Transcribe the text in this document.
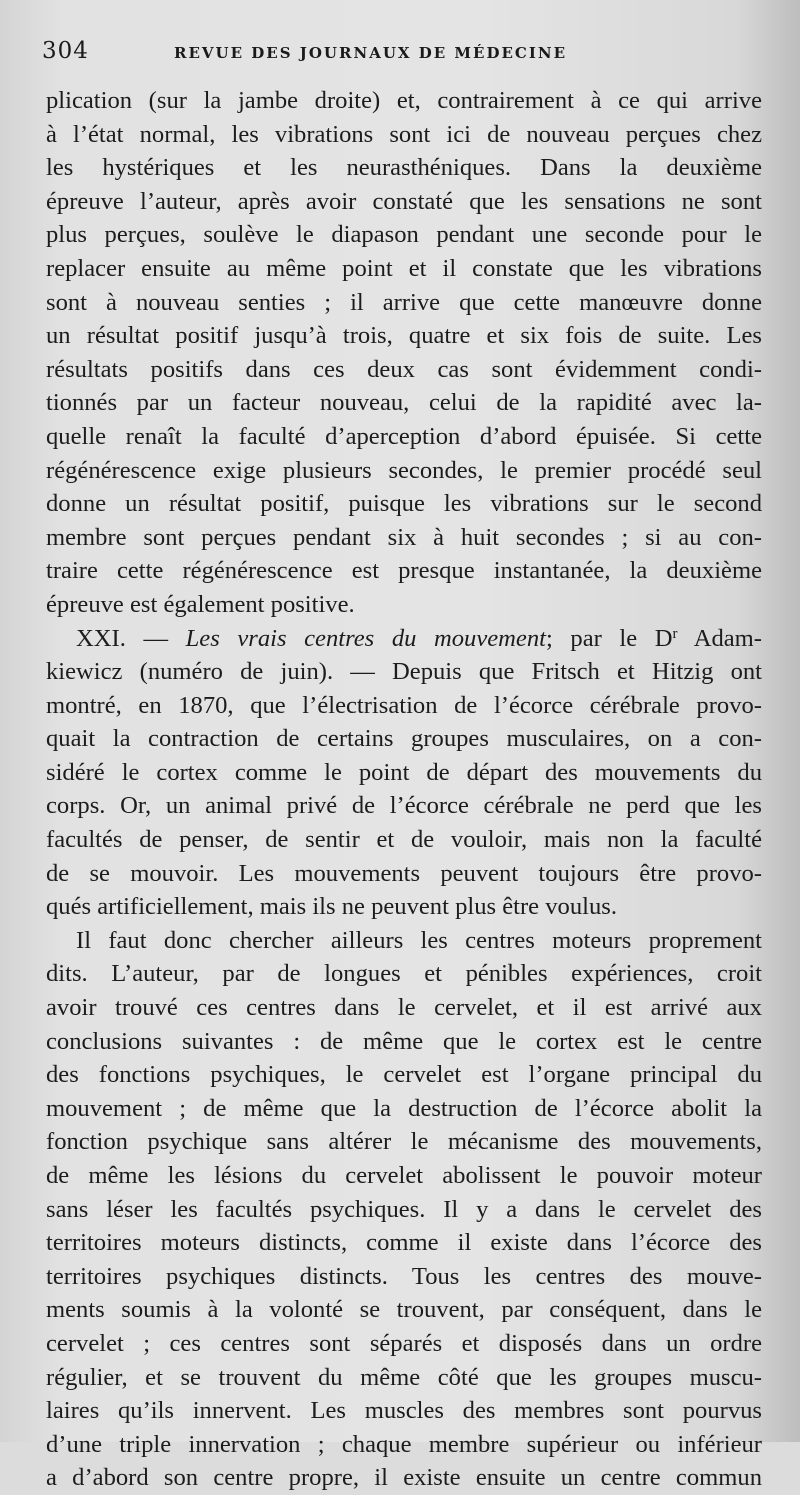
304	REVUE DES JOURNAUX DE MÉDECINE
plication (sur la jambe droite) et, contrairement à ce qui arrive
à l’état normal, les vibrations sont ici de nouveau perçues chez
les hystériques et les neurasthéniques. Dans la deuxième
épreuve l’auteur, après avoir constaté que les sensations ne sont
plus perçues, soulève le diapason pendant une seconde pour le
replacer ensuite au même point et il constate que les vibrations
sont à nouveau senties ; il arrive que cette manœuvre donne
un résultat positif jusqu’à trois, quatre et six fois de suite. Les
résultats positifs dans ces deux cas sont évidemment condi-
tionnés par un facteur nouveau, celui de la rapidité avec la-
quelle renaît la faculté d’aperception d’abord épuisée. Si cette
régénérescence exige plusieurs secondes, le premier procédé seul
donne un résultat positif, puisque les vibrations sur le second
membre sont perçues pendant six à huit secondes ; si au con-
traire cette régénérescence est presque instantanée, la deuxième
épreuve est également positive.
XXI. — Les vrais centres du mouvement; par le $D^r$ Adam-
kiewicz (numéro de juin). — Depuis que Fritsch et Hitzig ont
montré, en 1870, que l’électrisation de l’écorce cérébrale provo-
quait la contraction de certains groupes musculaires, on a con-
sidéré le cortex comme le point de départ des mouvements du
corps. Or, un animal privé de l’écorce cérébrale ne perd que les
facultés de penser, de sentir et de vouloir, mais non la faculté
de se mouvoir. Les mouvements peuvent toujours être provo-
qués artificiellement, mais ils ne peuvent plus être voulus.
Il faut donc chercher ailleurs les centres moteurs proprement
dits. L’auteur, par de longues et pénibles expériences, croit
avoir trouvé ces centres dans le cervelet, et il est arrivé aux
conclusions suivantes : de même que le cortex est le centre
des fonctions psychiques, le cervelet est l’organe principal du
mouvement ; de même que la destruction de l’écorce abolit la
fonction psychique sans altérer le mécanisme des mouvements,
de même les lésions du cervelet abolissent le pouvoir moteur
sans léser les facultés psychiques. Il y a dans le cervelet des
territoires moteurs distincts, comme il existe dans l’écorce des
territoires psychiques distincts. Tous les centres des mouve-
ments soumis à la volonté se trouvent, par conséquent, dans le
cervelet ; ces centres sont séparés et disposés dans un ordre
régulier, et se trouvent du même côté que les groupes muscu-
laires qu’ils innervent. Les muscles des membres sont pourvus
d’une triple innervation ; chaque membre supérieur ou inférieur
a d’abord son centre propre, il existe ensuite un centre commun
